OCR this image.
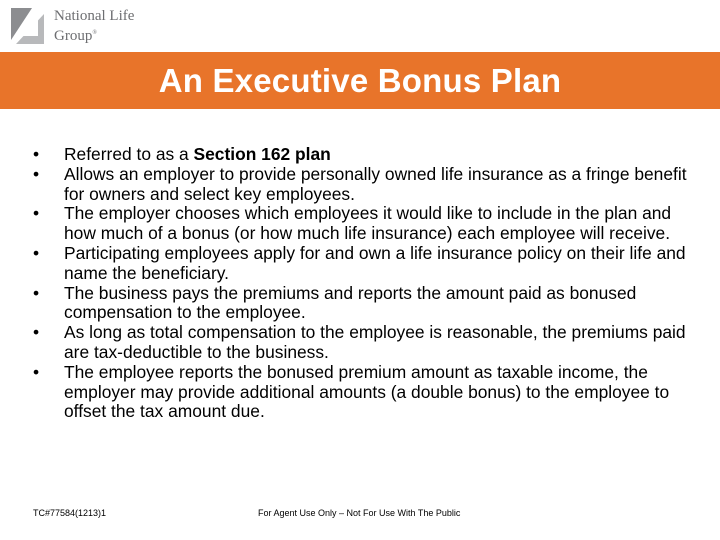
National Life
Group®
An Executive Bonus Plan
• Referred to as a Section 162 plan
• Allows an employer to provide personally owned life insurance as a fringe benefit for owners and select key employees.
• The employer chooses which employees it would like to include in the plan and how much of a bonus (or how much life insurance) each employee will receive.
• Participating employees apply for and own a life insurance policy on their life and name the beneficiary.
• The business pays the premiums and reports the amount paid as bonused compensation to the employee.
• As long as total compensation to the employee is reasonable, the premiums paid are tax-deductible to the business.
• The employee reports the bonused premium amount as taxable income, the employer may provide additional amounts (a double bonus) to the employee to offset the tax amount due.
TC#77584(1213)1	For Agent Use Only – Not For Use With The Public
